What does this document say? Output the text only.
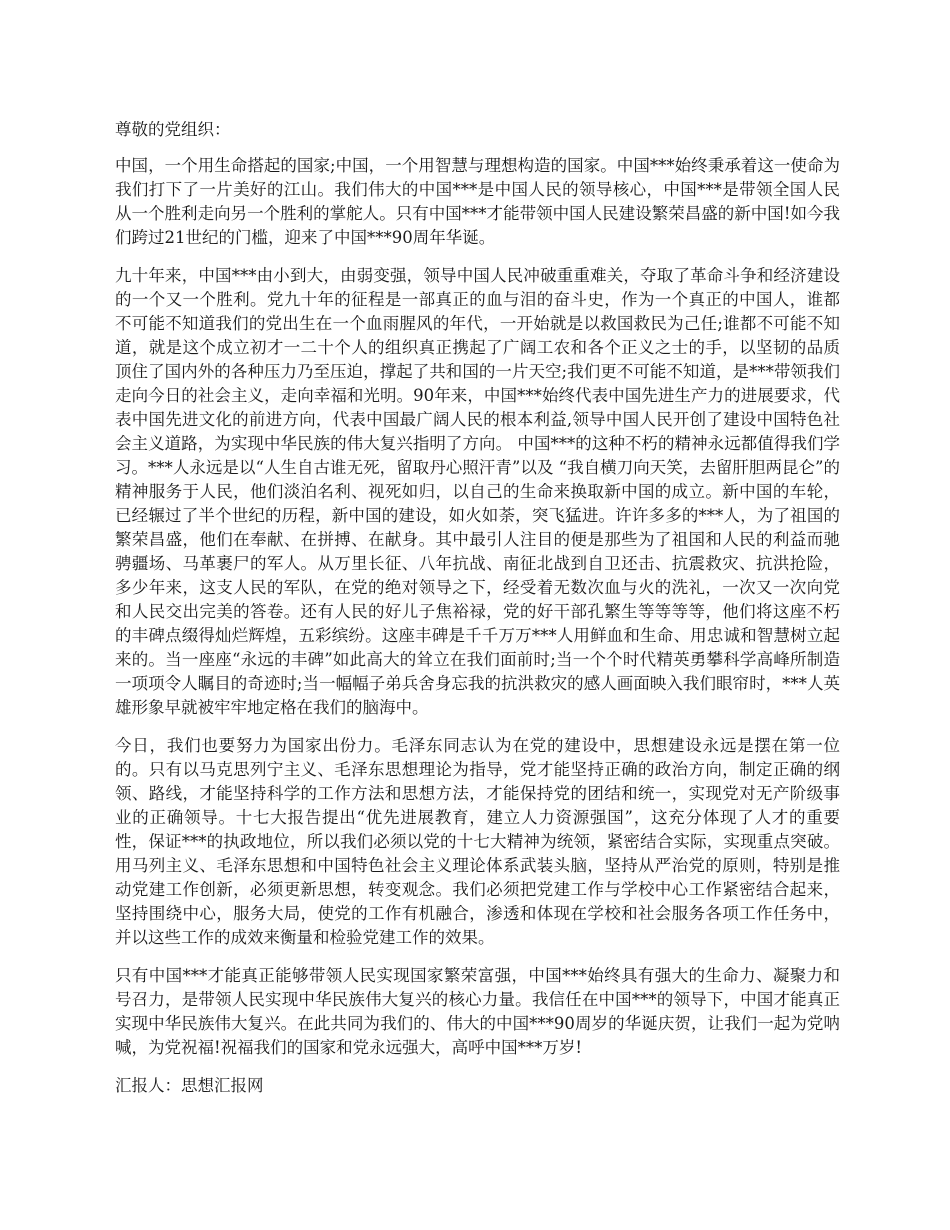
尊敬的党组织：

中国，一个用生命搭起的国家;中国，一个用智慧与理想构造的国家。中国***始终秉承着这一使命为我们打下了一片美好的江山。我们伟大的中国***是中国人民的领导核心，中国***是带领全国人民从一个胜利走向另一个胜利的掌舵人。只有中国***才能带领中国人民建设繁荣昌盛的新中国!如今我们跨过21世纪的门槛，迎来了中国***90周年华诞。

九十年来，中国***由小到大，由弱变强，领导中国人民冲破重重难关，夺取了革命斗争和经济建设的一个又一个胜利。党九十年的征程是一部真正的血与泪的奋斗史，作为一个真正的中国人，谁都不可能不知道我们的党出生在一个血雨腥风的年代，一开始就是以救国救民为己任;谁都不可能不知道，就是这个成立初才一二十个人的组织真正携起了广阔工农和各个正义之士的手，以坚韧的品质顶住了国内外的各种压力乃至压迫，撑起了共和国的一片天空;我们更不可能不知道，是***带领我们走向今日的社会主义，走向幸福和光明。90年来，中国***始终代表中国先进生产力的进展要求，代表中国先进文化的前进方向，代表中国最广阔人民的根本利益,领导中国人民开创了建设中国特色社会主义道路，为实现中华民族的伟大复兴指明了方向。 中国***的这种不朽的精神永远都值得我们学习。***人永远是以“人生自古谁无死，留取丹心照汗青”以及 “我自横刀向天笑，去留肝胆两昆仑”的精神服务于人民，他们淡泊名利、视死如归，以自己的生命来换取新中国的成立。新中国的车轮，已经辗过了半个世纪的历程，新中国的建设，如火如荼，突飞猛进。许许多多的***人，为了祖国的繁荣昌盛，他们在奉献、在拼搏、在献身。其中最引人注目的便是那些为了祖国和人民的利益而驰骋疆场、马革裹尸的军人。从万里长征、八年抗战、南征北战到自卫还击、抗震救灾、抗洪抢险，多少年来，这支人民的军队，在党的绝对领导之下，经受着无数次血与火的洗礼，一次又一次向党和人民交出完美的答卷。还有人民的好儿子焦裕禄，党的好干部孔繁生等等等等，他们将这座不朽的丰碑点缀得灿烂辉煌，五彩缤纷。这座丰碑是千千万万***人用鲜血和生命、用忠诚和智慧树立起来的。当一座座“永远的丰碑”如此高大的耸立在我们面前时;当一个个时代精英勇攀科学高峰所制造一项项令人瞩目的奇迹时;当一幅幅子弟兵舍身忘我的抗洪救灾的感人画面映入我们眼帘时，***人英雄形象早就被牢牢地定格在我们的脑海中。

今日，我们也要努力为国家出份力。毛泽东同志认为在党的建设中，思想建设永远是摆在第一位的。只有以马克思列宁主义、毛泽东思想理论为指导，党才能坚持正确的政治方向，制定正确的纲领、路线，才能坚持科学的工作方法和思想方法，才能保持党的团结和统一，实现党对无产阶级事业的正确领导。十七大报告提出“优先进展教育，建立人力资源强国”，这充分体现了人才的重要性，保证***的执政地位，所以我们必须以党的十七大精神为统领，紧密结合实际，实现重点突破。用马列主义、毛泽东思想和中国特色社会主义理论体系武装头脑，坚持从严治党的原则，特别是推动党建工作创新，必须更新思想，转变观念。我们必须把党建工作与学校中心工作紧密结合起来，坚持围绕中心，服务大局，使党的工作有机融合，渗透和体现在学校和社会服务各项工作任务中，并以这些工作的成效来衡量和检验党建工作的效果。

只有中国***才能真正能够带领人民实现国家繁荣富强，中国***始终具有强大的生命力、凝聚力和号召力，是带领人民实现中华民族伟大复兴的核心力量。我信任在中国***的领导下，中国才能真正实现中华民族伟大复兴。在此共同为我们的、伟大的中国***90周岁的华诞庆贺，让我们一起为党呐喊，为党祝福!祝福我们的国家和党永远强大，高呼中国***万岁!

汇报人：思想汇报网
